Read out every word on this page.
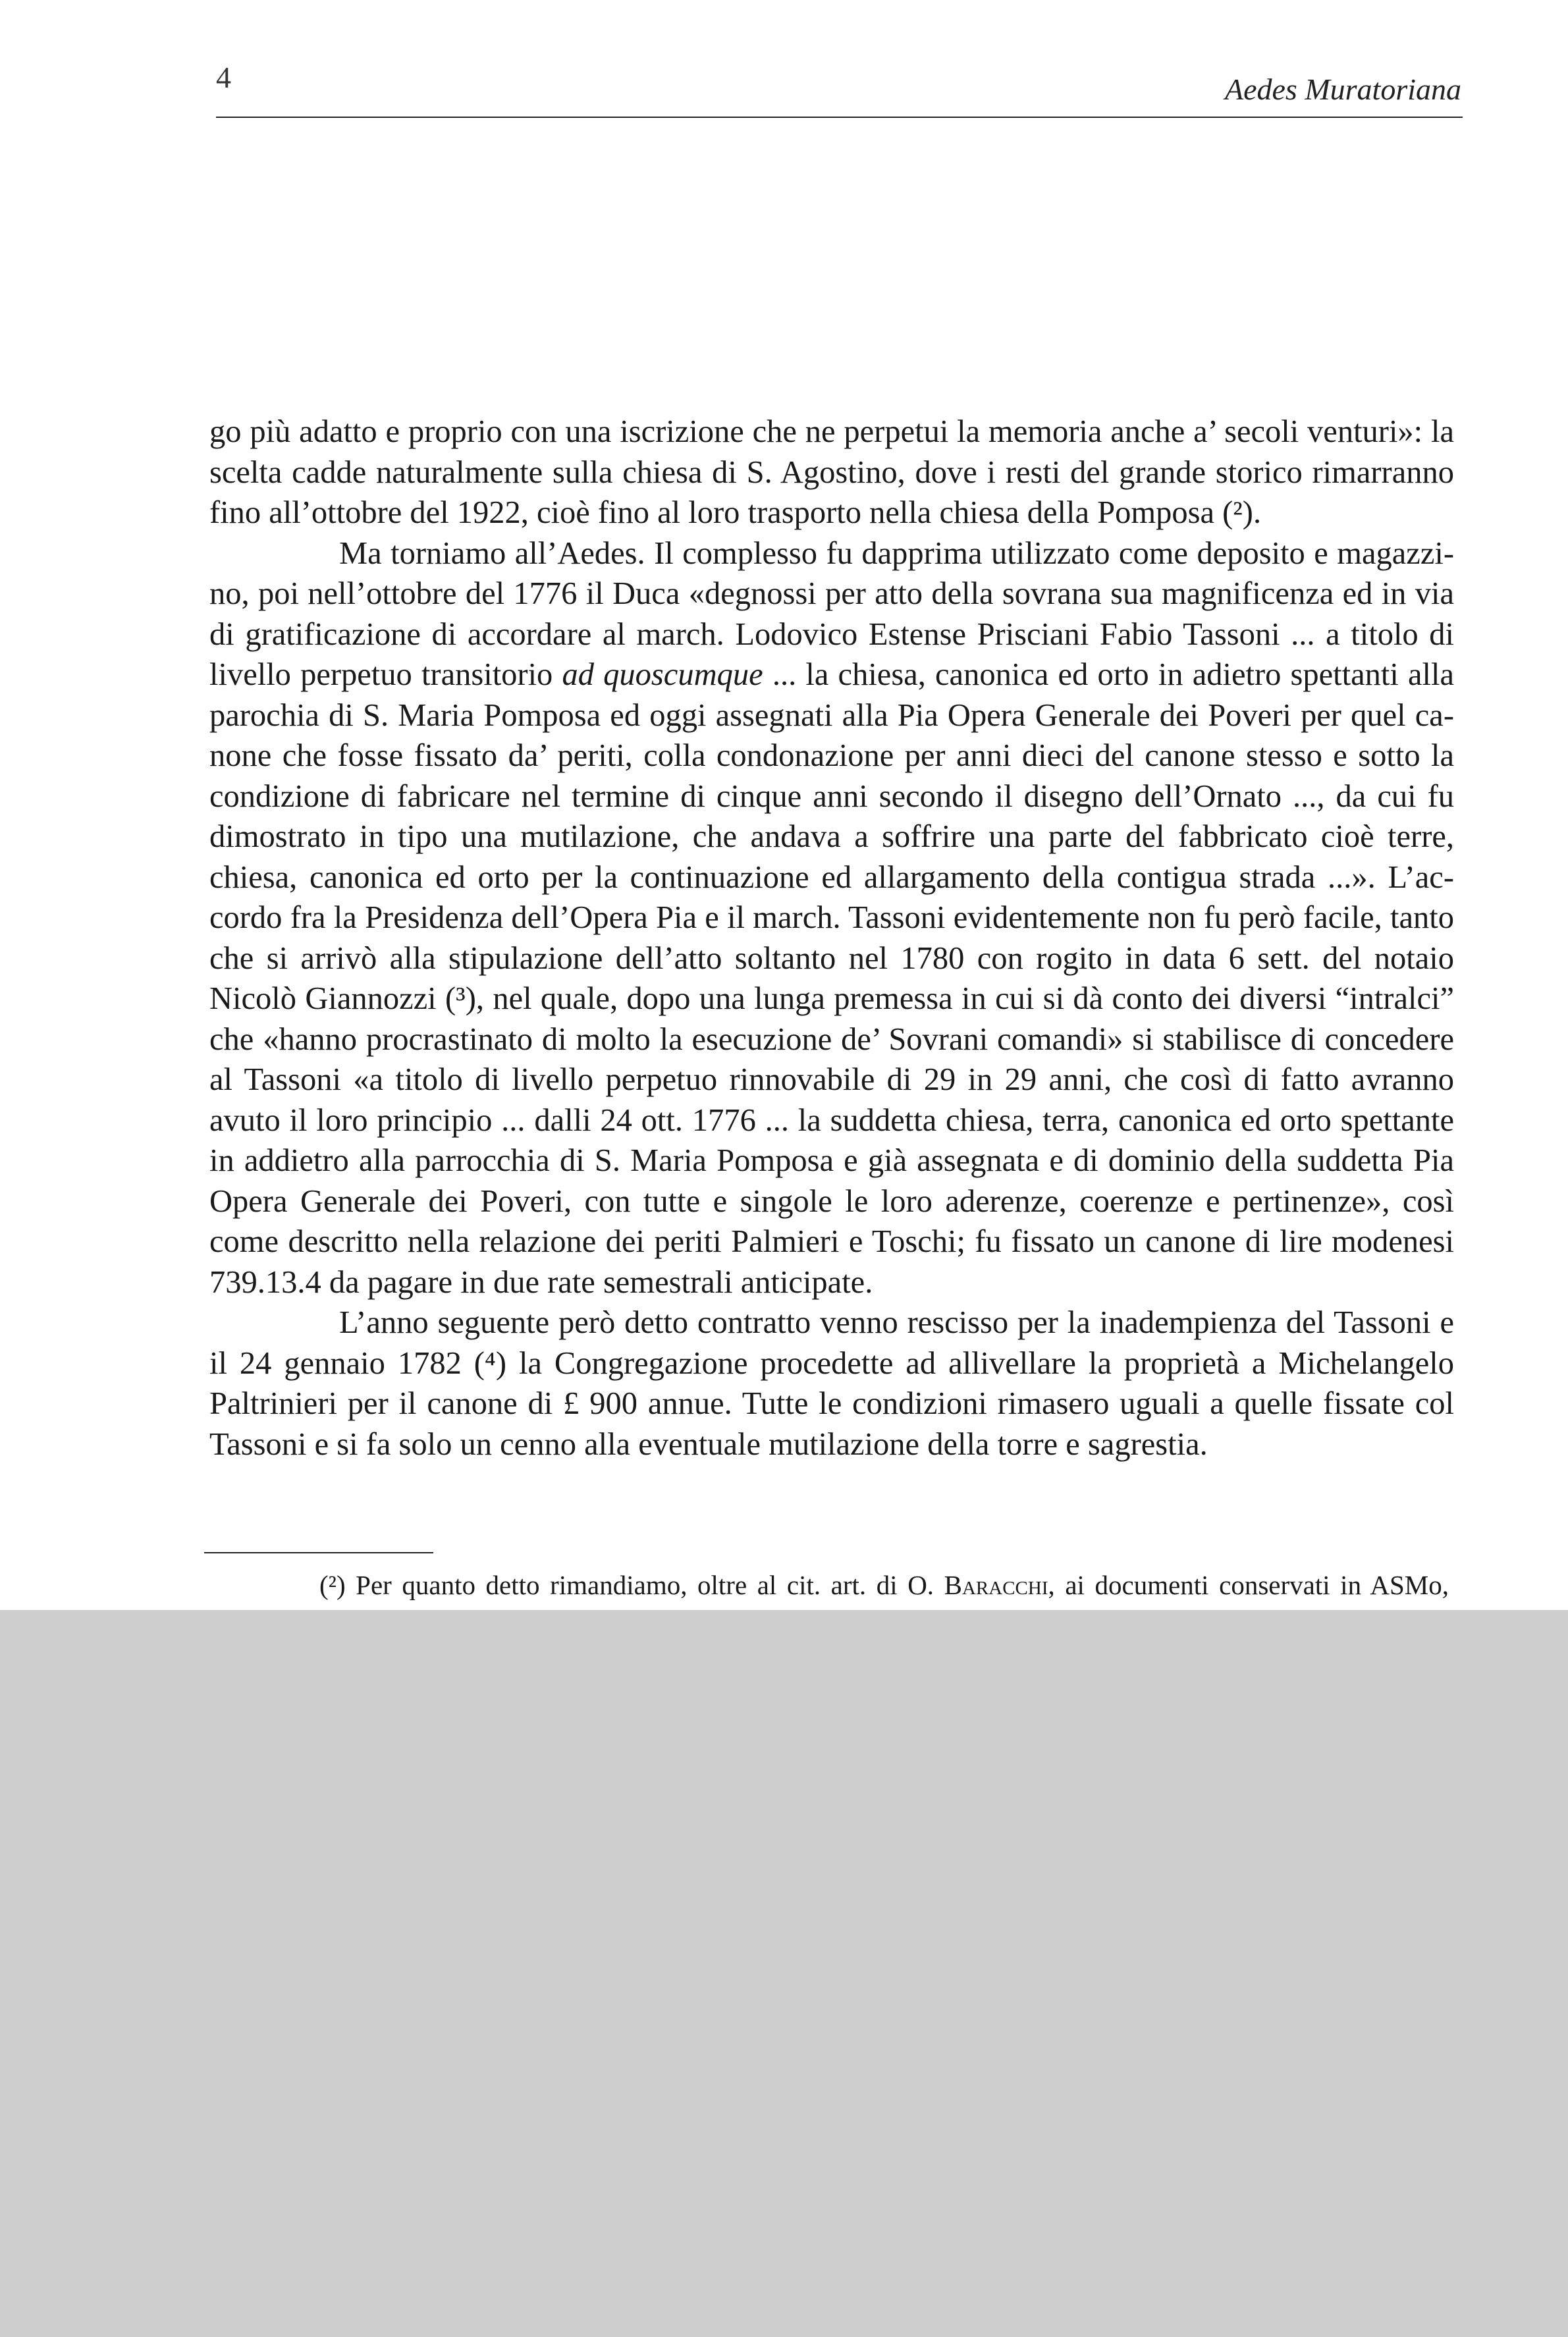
4	Aedes Muratoriana

go più adatto e proprio con una iscrizione che ne perpetui la memoria anche a’ secoli venturi»: la scelta cadde naturalmente sulla chiesa di S. Agostino, dove i resti del grande storico rimarranno fino all’ottobre del 1922, cioè fino al loro trasporto nella chiesa della Pomposa (²).

Ma torniamo all’Aedes. Il complesso fu dapprima utilizzato come deposito e magazzino, poi nell’ottobre del 1776 il Duca «degnossi per atto della sovrana sua magnificenza ed in via di gratificazione di accordare al march. Lodovico Estense Prisciani Fabio Tassoni ... a titolo di livello perpetuo transitorio ad quoscumque ... la chiesa, canonica ed orto in adietro spettanti alla parochia di S. Maria Pomposa ed oggi assegnati alla Pia Opera Generale dei Poveri per quel canone che fosse fissato da’ periti, colla condonazione per anni dieci del canone stesso e sotto la condizione di fabricare nel termine di cinque anni secondo il disegno dell’Ornato ..., da cui fu dimostrato in tipo una mutilazione, che andava a soffrire una parte del fabbricato cioè terre, chiesa, canonica ed orto per la continuazione ed allargamento della contigua strada ...». L’accordo fra la Presidenza dell’Opera Pia e il march. Tassoni evidentemente non fu però facile, tanto che si arrivò alla stipulazione dell’atto soltanto nel 1780 con rogito in data 6 sett. del notaio Nicolò Giannozzi (³), nel quale, dopo una lunga premessa in cui si dà conto dei diversi “intralci” che «hanno procrastinato di molto la esecuzione de’ Sovrani comandi» si stabilisce di concedere al Tassoni «a titolo di livello perpetuo rinnovabile di 29 in 29 anni, che così di fatto avranno avuto il loro principio ... dalli 24 ott. 1776 ... la suddetta chiesa, terra, canonica ed orto spettante in addietro alla parrocchia di S. Maria Pomposa e già assegnata e di dominio della suddetta Pia Opera Generale dei Poveri, con tutte e singole le loro aderenze, coerenze e pertinenze», così come descritto nella relazione dei periti Palmieri e Toschi; fu fissato un canone di lire modenesi 739.13.4 da pagare in due rate semestrali anticipate.

L’anno seguente però detto contratto venno rescisso per la inadempienza del Tassoni e il 24 gennaio 1782 (⁴) la Congregazione procedette ad allivellare la proprietà a Michelangelo Paltrinieri per il canone di £ 900 annue. Tutte le condizioni rimasero uguali a quelle fissate col Tassoni e si fa solo un cenno alla eventuale mutilazione della torre e sagrestia.

(²) Per quanto detto rimandiamo, oltre al cit. art. di O. Baracchi, ai documenti conservati in ASMo,
